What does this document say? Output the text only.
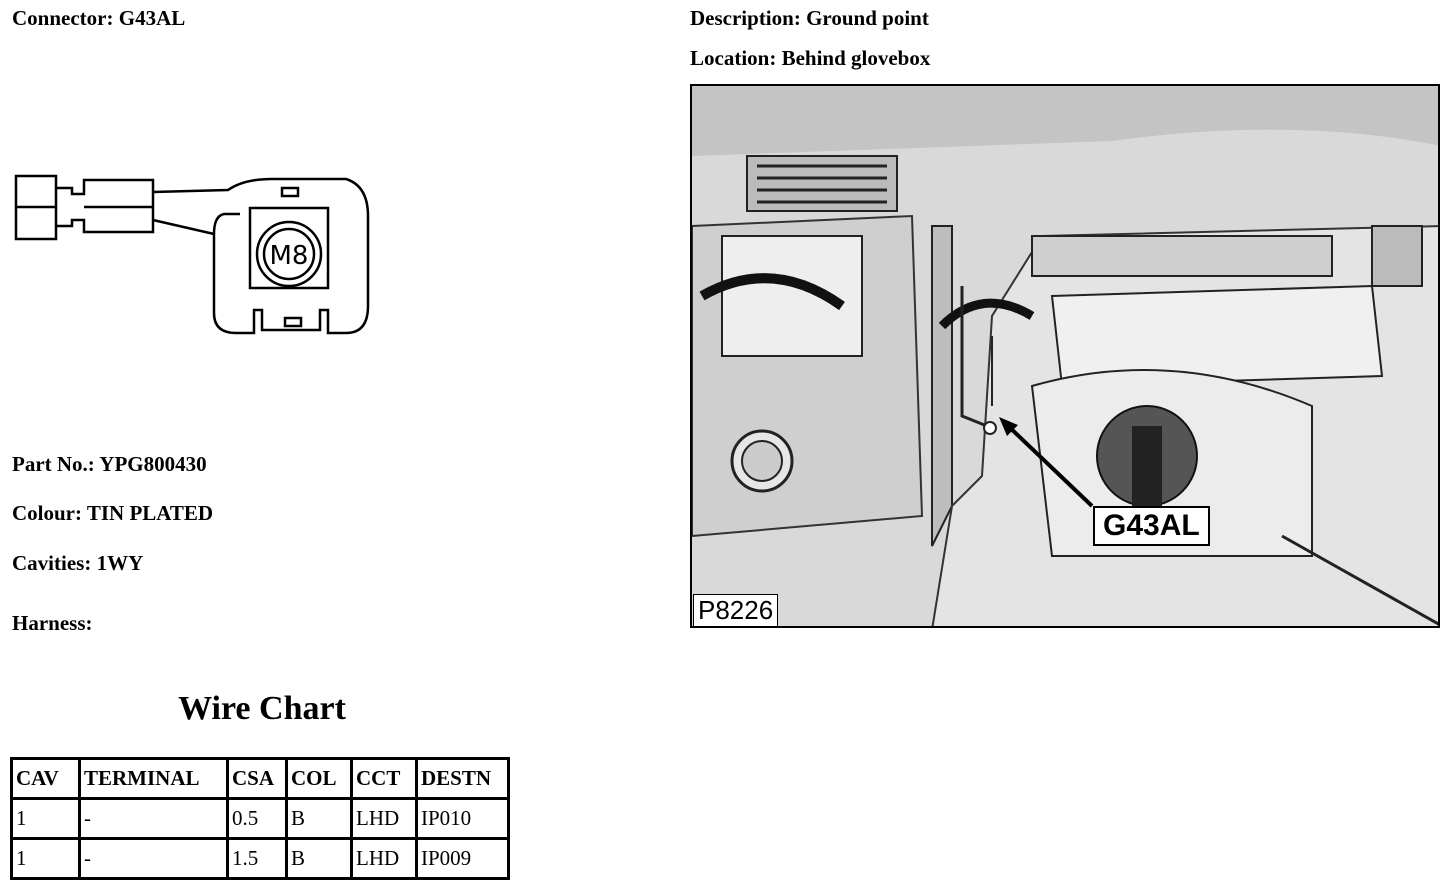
Connector: G43AL	Description: Ground point
Location: Behind glovebox
M8
Part No.: YPG800430
Colour: TIN PLATED
Cavities: 1WY
Harness:
Wire Chart
CAV	TERMINAL	CSA	COL	CCT	DESTN
1	-	0.5	B	LHD	IP010
1	-	1.5	B	LHD	IP009
G43AL
P8226
